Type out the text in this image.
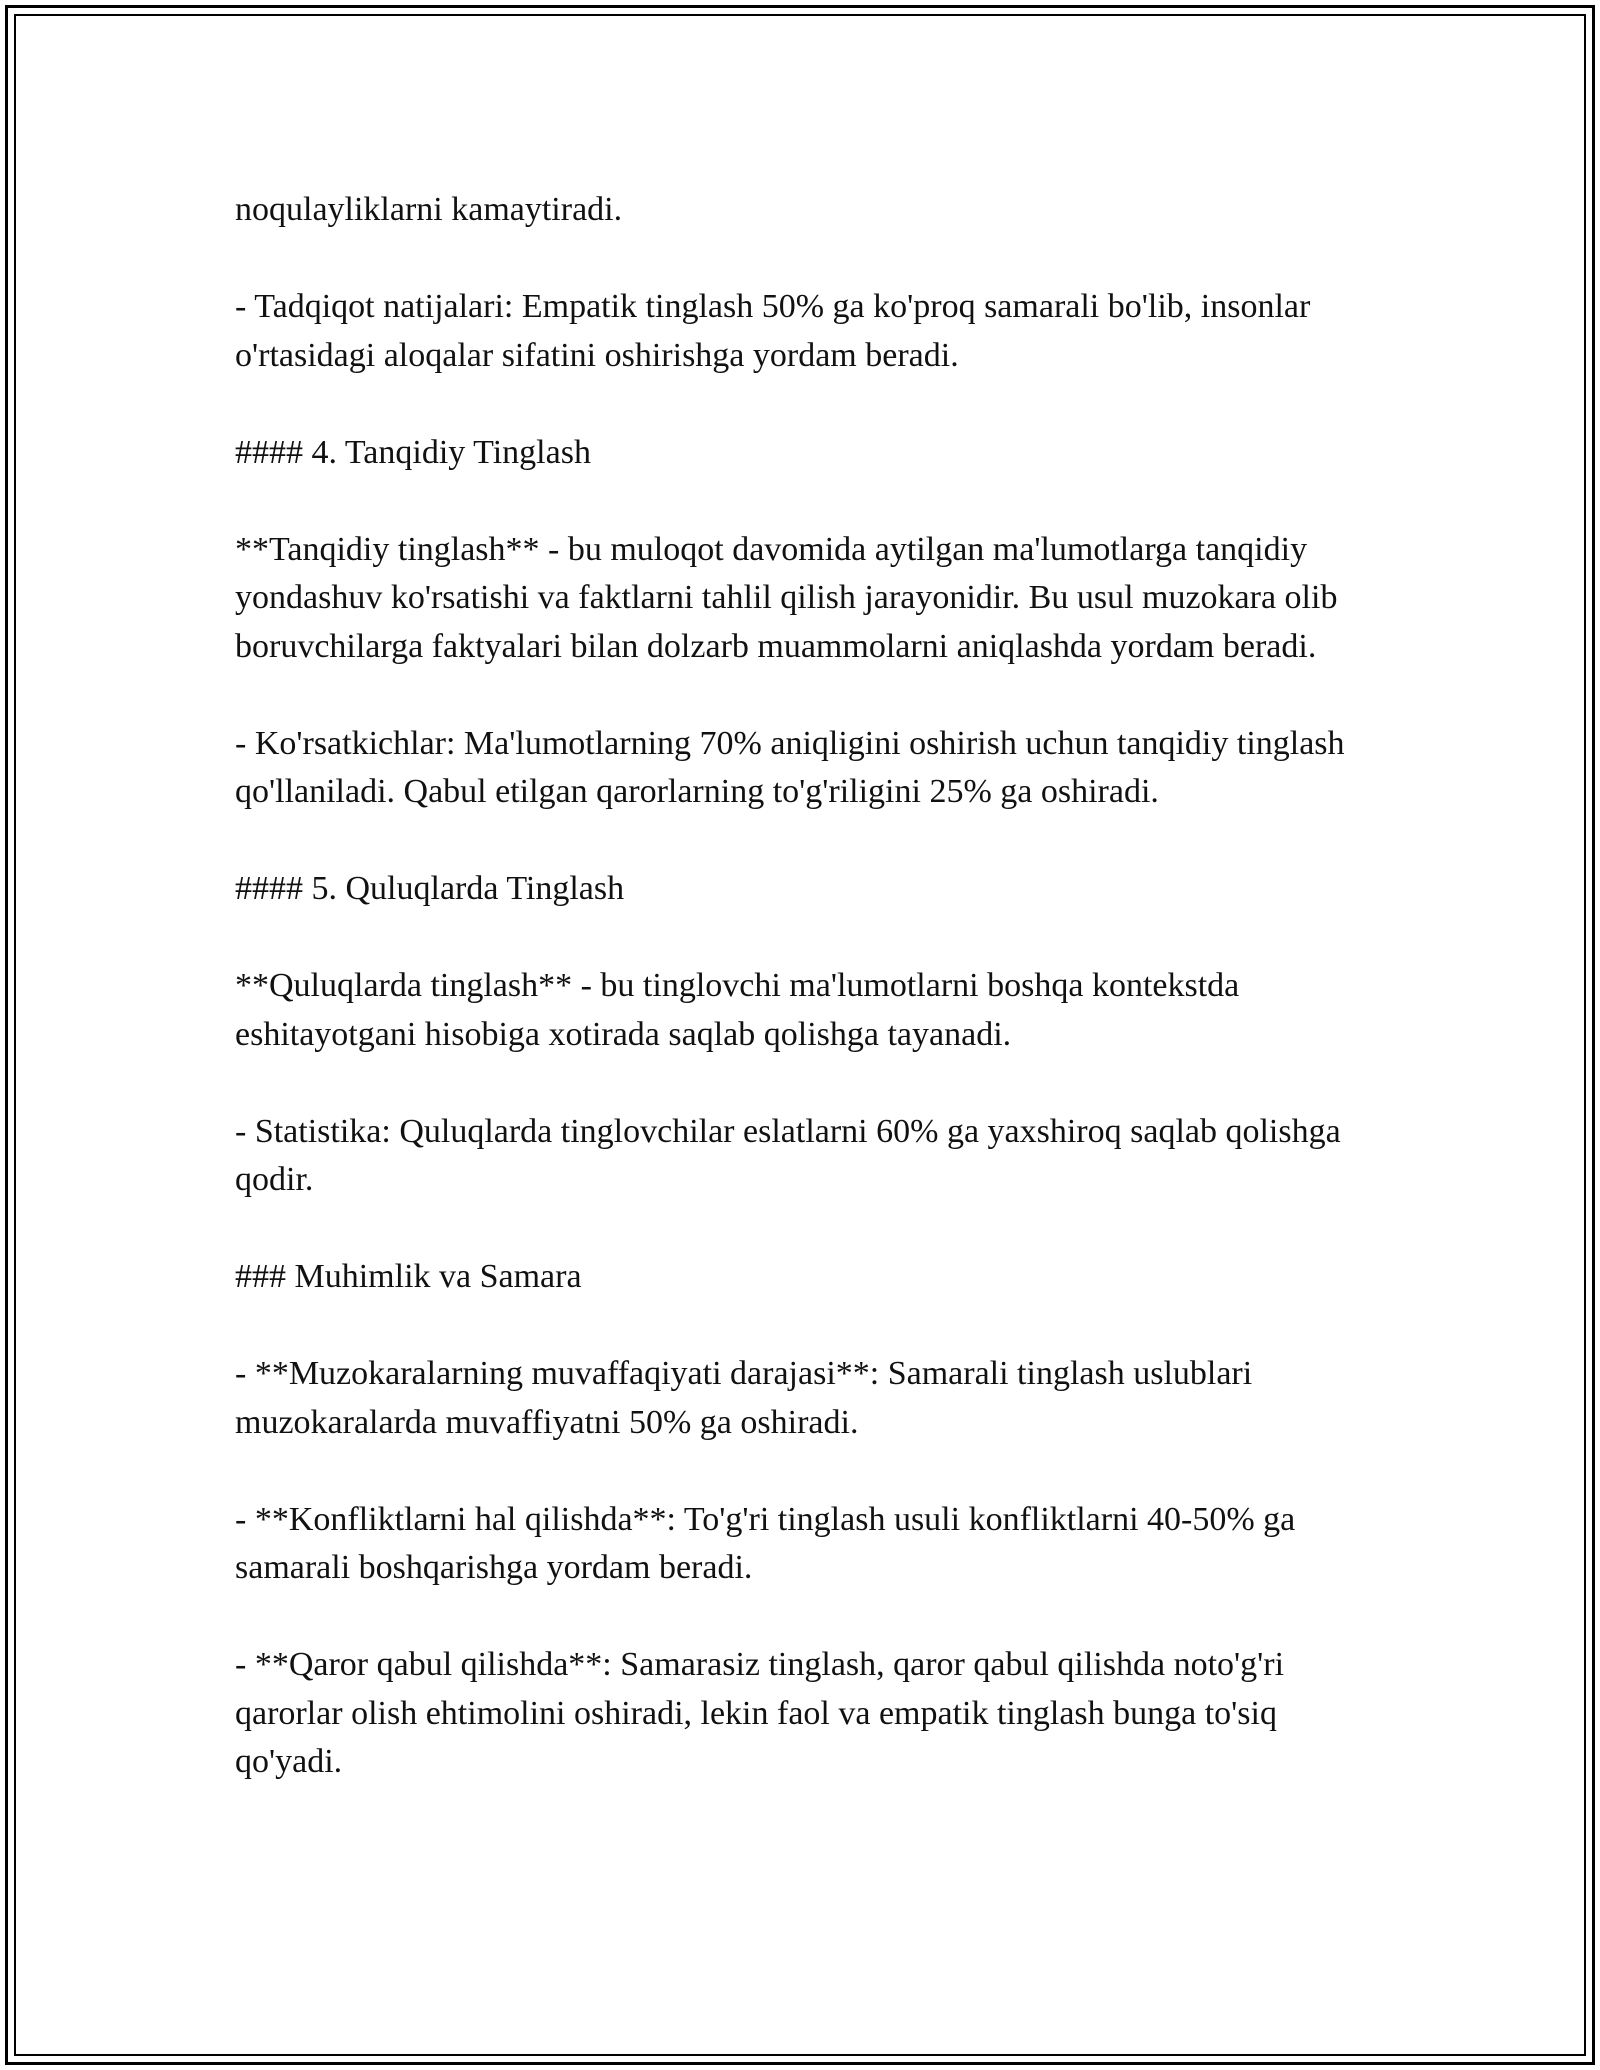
noqulayliklarni kamaytiradi.

- Tadqiqot natijalari: Empatik tinglash 50% ga ko'proq samarali bo'lib, insonlar o'rtasidagi aloqalar sifatini oshirishga yordam beradi.

#### 4. Tanqidiy Tinglash

**Tanqidiy tinglash** - bu muloqot davomida aytilgan ma'lumotlarga tanqidiy yondashuv ko'rsatishi va faktlarni tahlil qilish jarayonidir. Bu usul muzokara olib boruvchilarga faktyalari bilan dolzarb muammolarni aniqlashda yordam beradi.

- Ko'rsatkichlar: Ma'lumotlarning 70% aniqligini oshirish uchun tanqidiy tinglash qo'llaniladi. Qabul etilgan qarorlarning to'g'riligini 25% ga oshiradi.

#### 5. Quluqlarda Tinglash

**Quluqlarda tinglash** - bu tinglovchi ma'lumotlarni boshqa kontekstda eshitayotgani hisobiga xotirada saqlab qolishga tayanadi.

- Statistika: Quluqlarda tinglovchilar eslatlarni 60% ga yaxshiroq saqlab qolishga qodir.

### Muhimlik va Samara

- **Muzokaralarning muvaffaqiyati darajasi**: Samarali tinglash uslublari muzokaralarda muvaffiyatni 50% ga oshiradi.

- **Konfliktlarni hal qilishda**: To'g'ri tinglash usuli konfliktlarni 40-50% ga samarali boshqarishga yordam beradi.

- **Qaror qabul qilishda**: Samarasiz tinglash, qaror qabul qilishda noto'g'ri qarorlar olish ehtimolini oshiradi, lekin faol va empatik tinglash bunga to'siq qo'yadi.
